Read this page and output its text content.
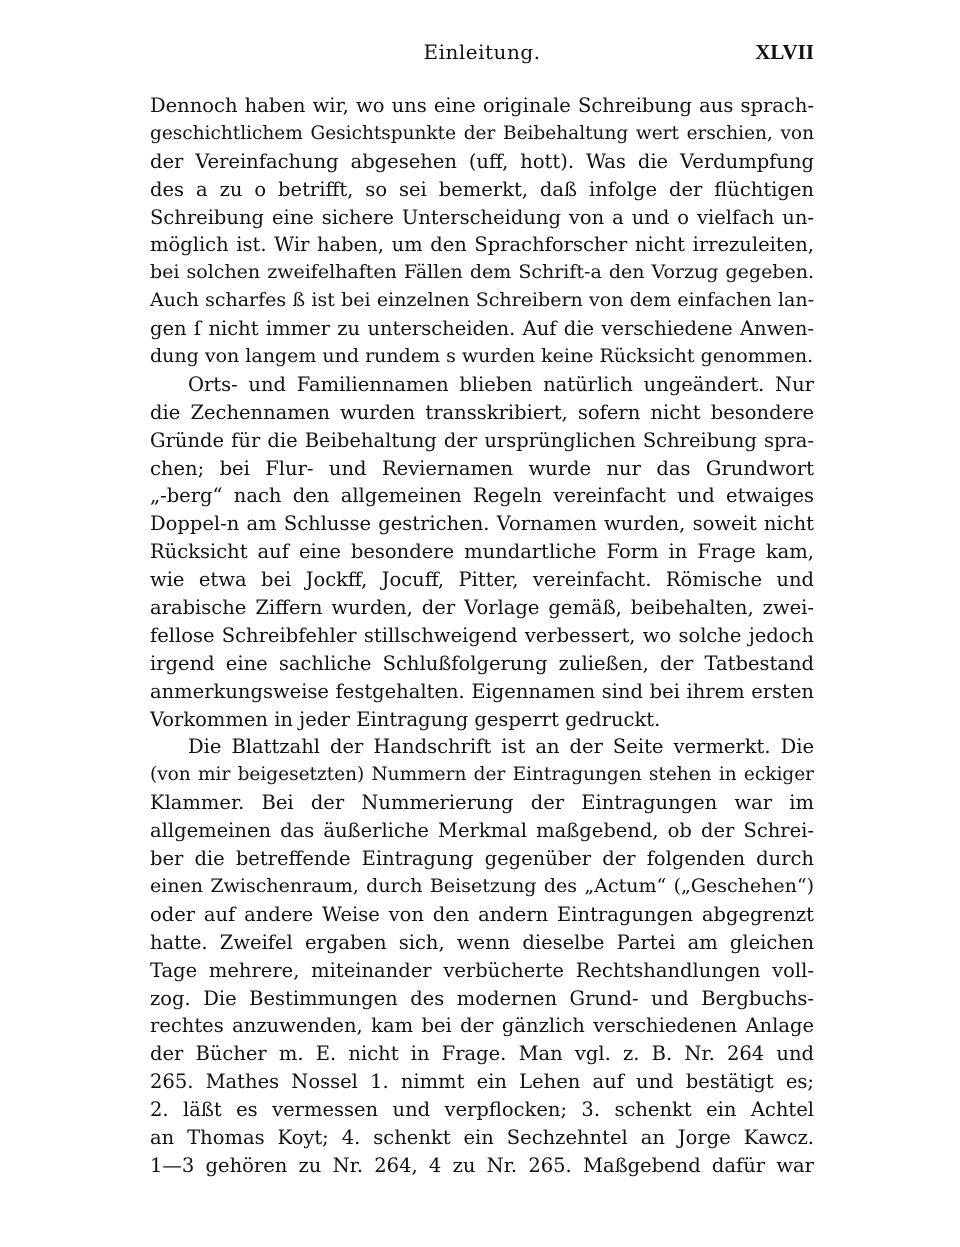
Einleitung.	XLVII
Dennoch haben wir, wo uns eine originale Schreibung aus sprach-
geschichtlichem Gesichtspunkte der Beibehaltung wert erschien, von
der Vereinfachung abgesehen (uff, hott). Was die Verdumpfung
des a zu o betrifft, so sei bemerkt, daß infolge der flüchtigen
Schreibung eine sichere Unterscheidung von a und o vielfach un-
möglich ist. Wir haben, um den Sprachforscher nicht irrezuleiten,
bei solchen zweifelhaften Fällen dem Schrift-a den Vorzug gegeben.
Auch scharfes ß ist bei einzelnen Schreibern von dem einfachen lan-
gen ſ nicht immer zu unterscheiden. Auf die verschiedene Anwen-
dung von langem und rundem s wurden keine Rücksicht genommen.
Orts- und Familiennamen blieben natürlich ungeändert. Nur
die Zechennamen wurden transskribiert, sofern nicht besondere
Gründe für die Beibehaltung der ursprünglichen Schreibung spra-
chen; bei Flur- und Reviernamen wurde nur das Grundwort
„-berg“ nach den allgemeinen Regeln vereinfacht und etwaiges
Doppel-n am Schlusse gestrichen. Vornamen wurden, soweit nicht
Rücksicht auf eine besondere mundartliche Form in Frage kam,
wie etwa bei Jockff, Jocuff, Pitter, vereinfacht. Römische und
arabische Ziffern wurden, der Vorlage gemäß, beibehalten, zwei-
fellose Schreibfehler stillschweigend verbessert, wo solche jedoch
irgend eine sachliche Schlußfolgerung zuließen, der Tatbestand
anmerkungsweise festgehalten. Eigennamen sind bei ihrem ersten
Vorkommen in jeder Eintragung gesperrt gedruckt.
Die Blattzahl der Handschrift ist an der Seite vermerkt. Die
(von mir beigesetzten) Nummern der Eintragungen stehen in eckiger
Klammer. Bei der Nummerierung der Eintragungen war im
allgemeinen das äußerliche Merkmal maßgebend, ob der Schrei-
ber die betreffende Eintragung gegenüber der folgenden durch
einen Zwischenraum, durch Beisetzung des „Actum“ („Geschehen“)
oder auf andere Weise von den andern Eintragungen abgegrenzt
hatte. Zweifel ergaben sich, wenn dieselbe Partei am gleichen
Tage mehrere, miteinander verbücherte Rechtshandlungen voll-
zog. Die Bestimmungen des modernen Grund- und Bergbuchs-
rechtes anzuwenden, kam bei der gänzlich verschiedenen Anlage
der Bücher m. E. nicht in Frage. Man vgl. z. B. Nr. 264 und
265. Mathes Nossel 1. nimmt ein Lehen auf und bestätigt es;
2. läßt es vermessen und verpflocken; 3. schenkt ein Achtel
an Thomas Koyt; 4. schenkt ein Sechzehntel an Jorge Kawcz.
1—3 gehören zu Nr. 264, 4 zu Nr. 265. Maßgebend dafür war
